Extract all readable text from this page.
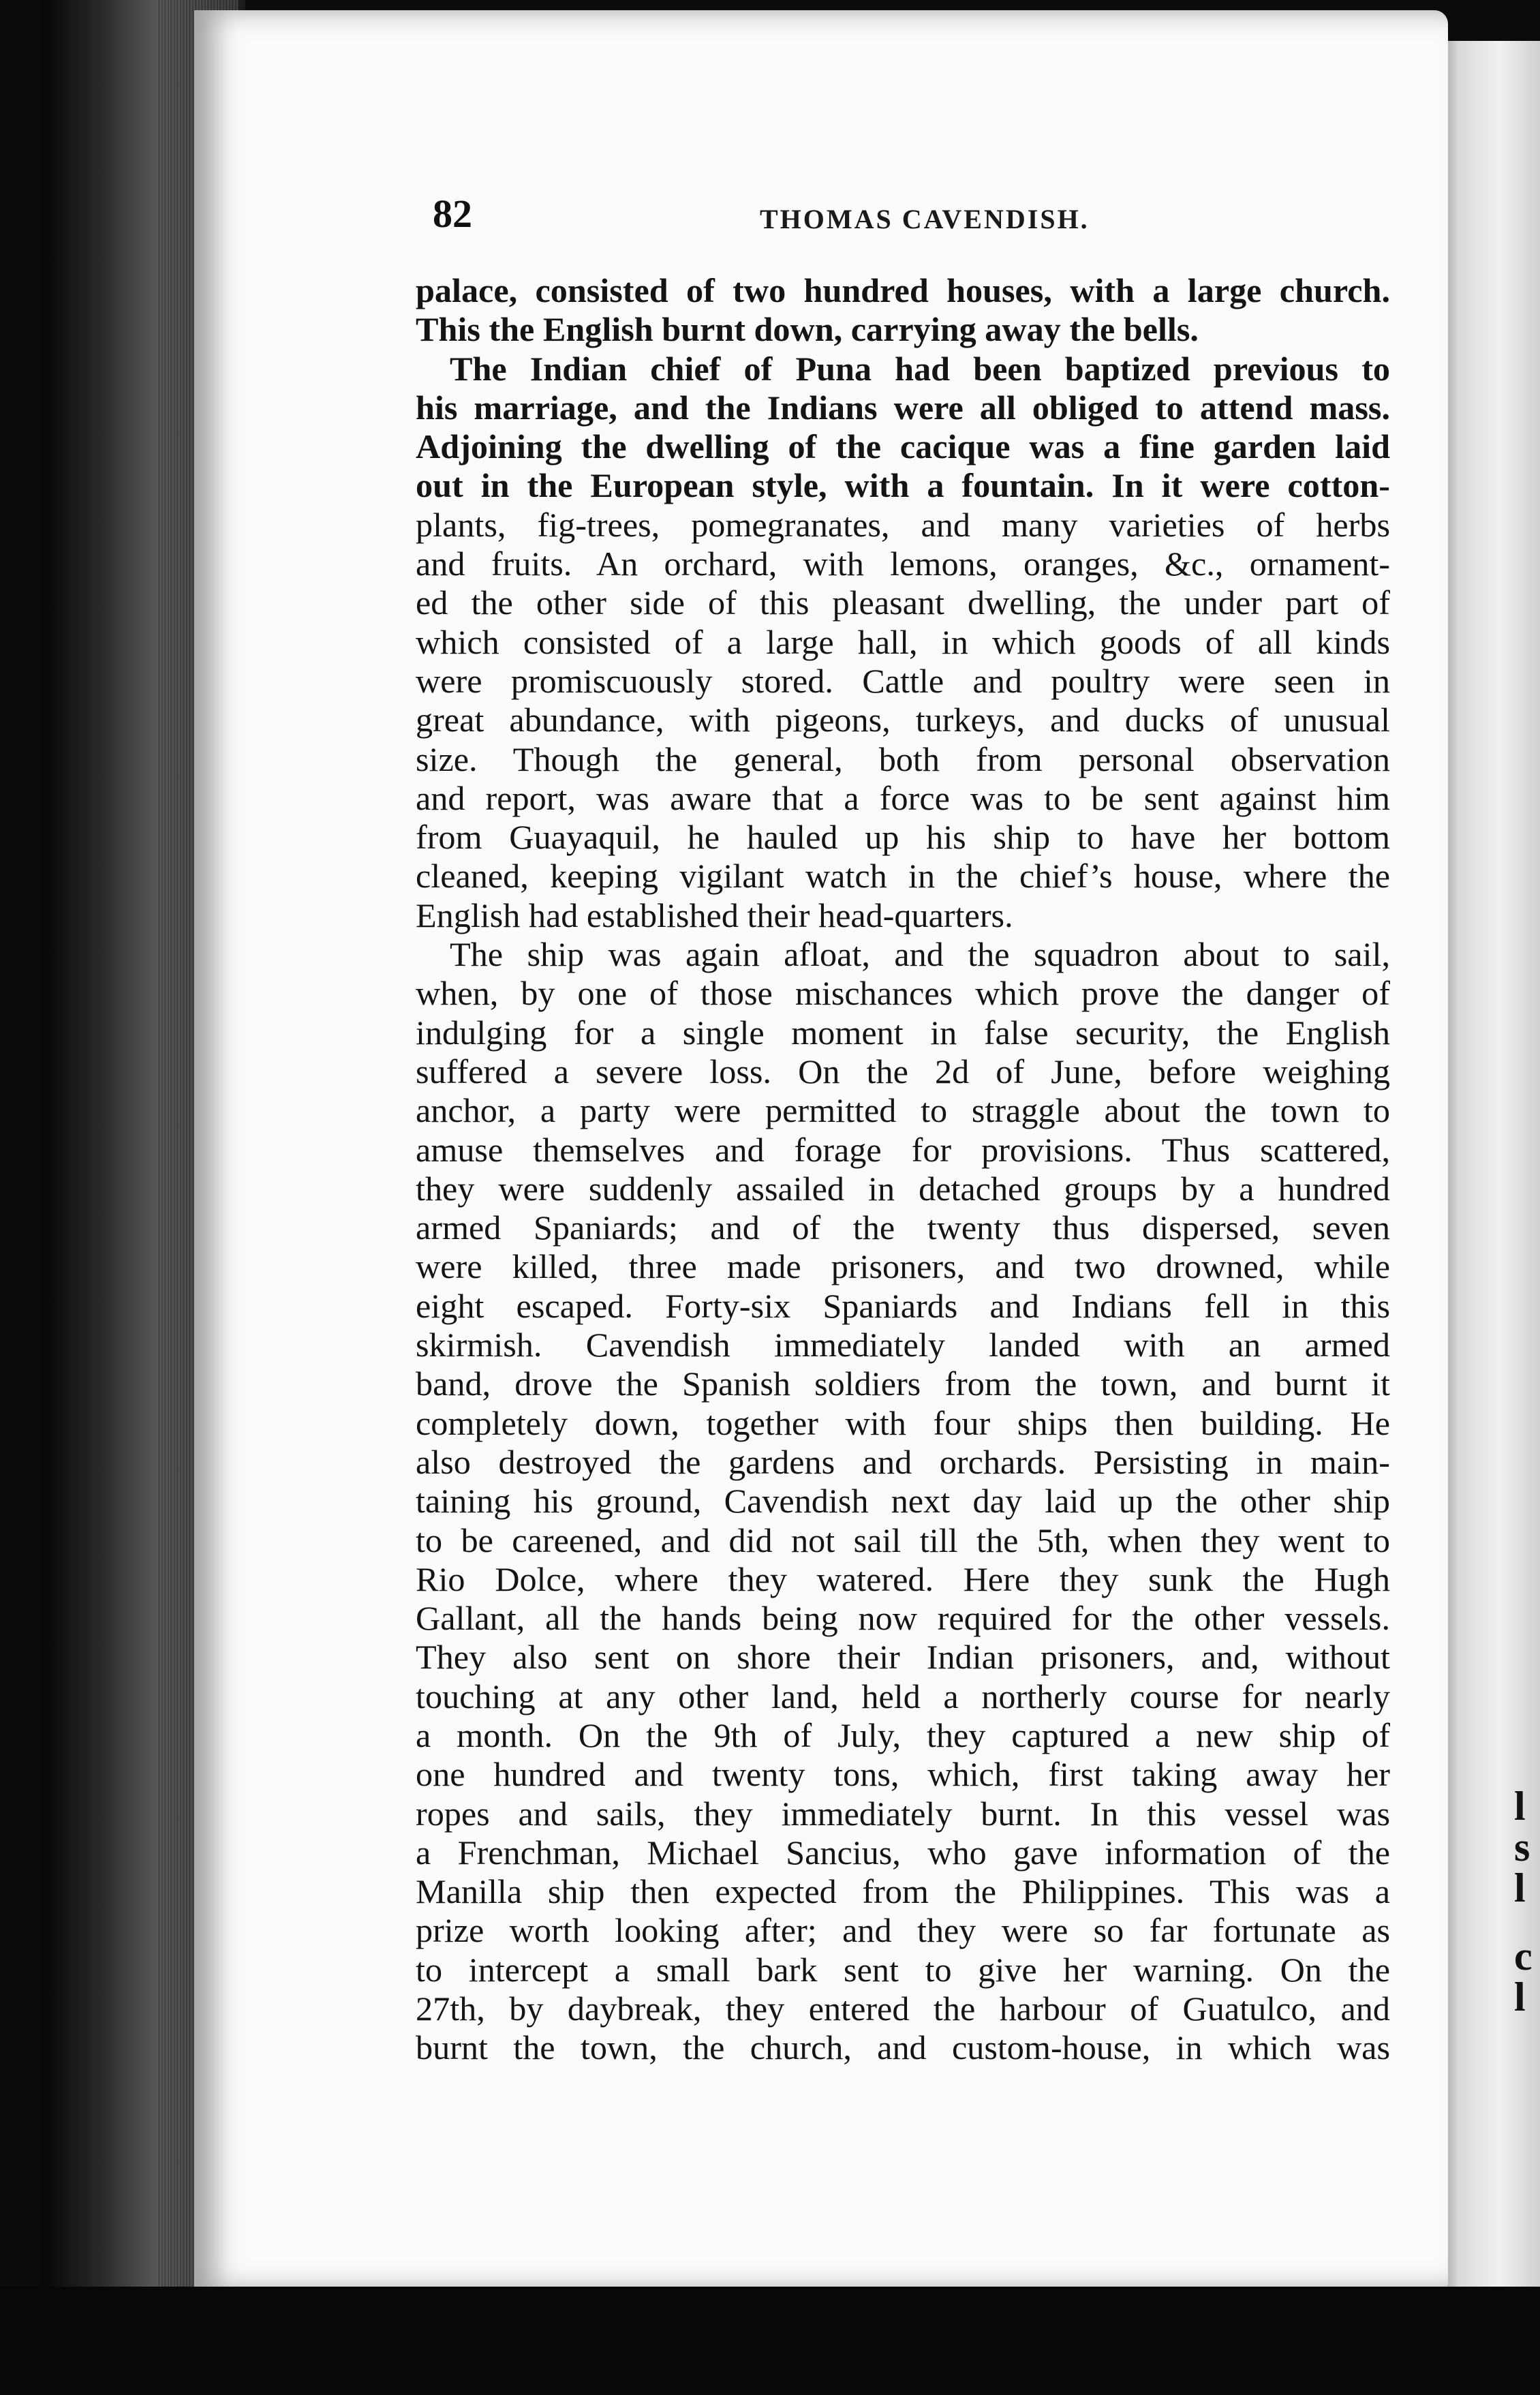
l
s
l
c
l
82	THOMAS CAVENDISH.
palace, consisted of two hundred houses, with a large church.
This the English burnt down, carrying away the bells.
The Indian chief of Puna had been baptized previous to
his marriage, and the Indians were all obliged to attend mass.
Adjoining the dwelling of the cacique was a fine garden laid
out in the European style, with a fountain. In it were cotton-
plants, fig-trees, pomegranates, and many varieties of herbs
and fruits. An orchard, with lemons, oranges, &c., ornament-
ed the other side of this pleasant dwelling, the under part of
which consisted of a large hall, in which goods of all kinds
were promiscuously stored. Cattle and poultry were seen in
great abundance, with pigeons, turkeys, and ducks of unusual
size. Though the general, both from personal observation
and report, was aware that a force was to be sent against him
from Guayaquil, he hauled up his ship to have her bottom
cleaned, keeping vigilant watch in the chief’s house, where the
English had established their head-quarters.
The ship was again afloat, and the squadron about to sail,
when, by one of those mischances which prove the danger of
indulging for a single moment in false security, the English
suffered a severe loss. On the 2d of June, before weighing
anchor, a party were permitted to straggle about the town to
amuse themselves and forage for provisions. Thus scattered,
they were suddenly assailed in detached groups by a hundred
armed Spaniards; and of the twenty thus dispersed, seven
were killed, three made prisoners, and two drowned, while
eight escaped. Forty-six Spaniards and Indians fell in this
skirmish. Cavendish immediately landed with an armed
band, drove the Spanish soldiers from the town, and burnt it
completely down, together with four ships then building. He
also destroyed the gardens and orchards. Persisting in main-
taining his ground, Cavendish next day laid up the other ship
to be careened, and did not sail till the 5th, when they went to
Rio Dolce, where they watered. Here they sunk the Hugh
Gallant, all the hands being now required for the other vessels.
They also sent on shore their Indian prisoners, and, without
touching at any other land, held a northerly course for nearly
a month. On the 9th of July, they captured a new ship of
one hundred and twenty tons, which, first taking away her
ropes and sails, they immediately burnt. In this vessel was
a Frenchman, Michael Sancius, who gave information of the
Manilla ship then expected from the Philippines. This was a
prize worth looking after; and they were so far fortunate as
to intercept a small bark sent to give her warning. On the
27th, by daybreak, they entered the harbour of Guatulco, and
burnt the town, the church, and custom-house, in which was
